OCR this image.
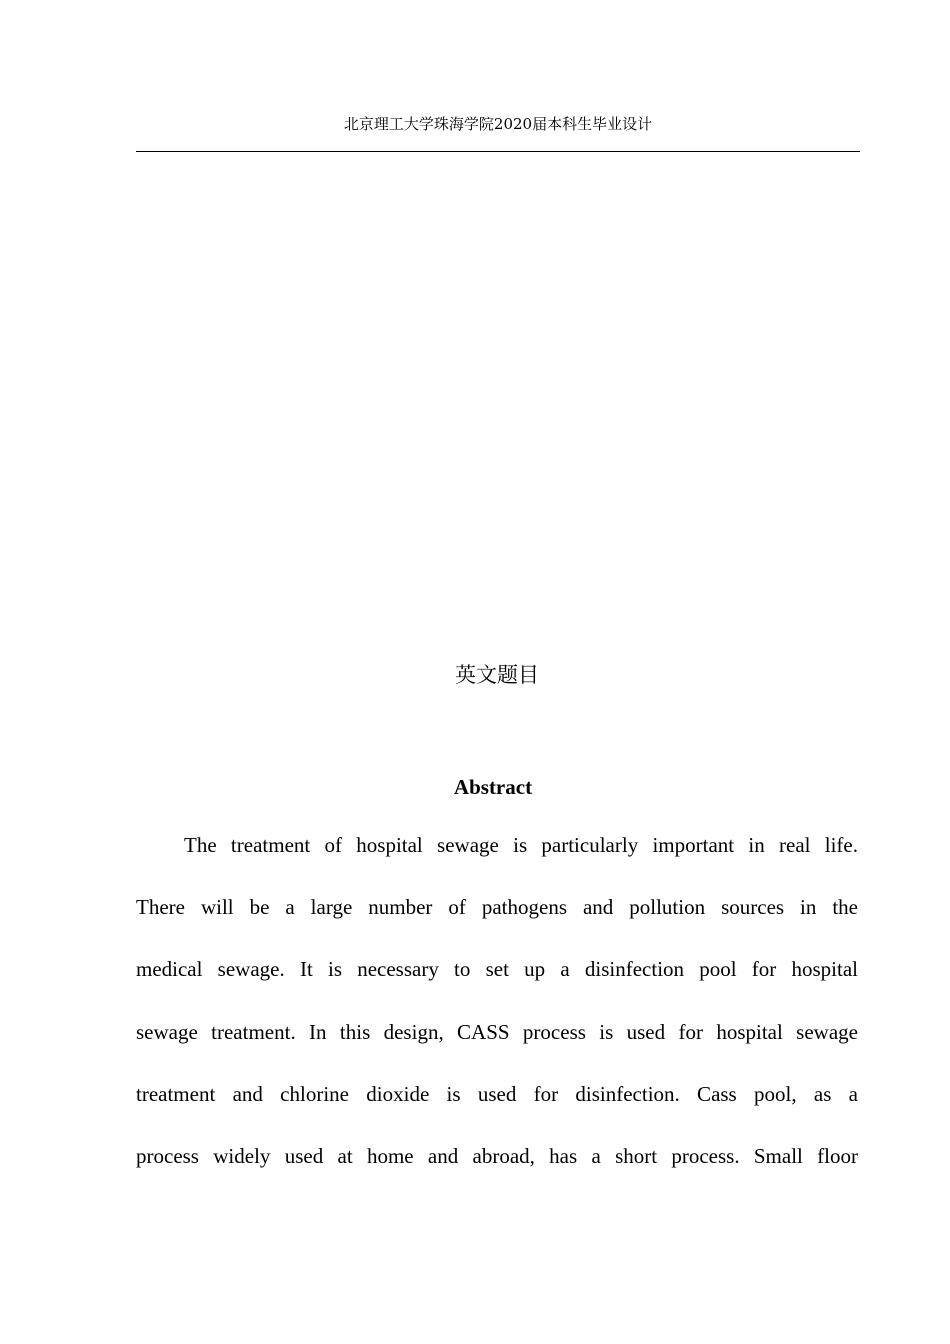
北京理工大学珠海学院2020届本科生毕业设计
英文题目
Abstract
The treatment of hospital sewage is particularly important in real life.
There will be a large number of pathogens and pollution sources in the
medical sewage. It is necessary to set up a disinfection pool for hospital
sewage treatment. In this design, CASS process is used for hospital sewage
treatment and chlorine dioxide is used for disinfection. Cass pool, as a
process widely used at home and abroad, has a short process. Small floor
